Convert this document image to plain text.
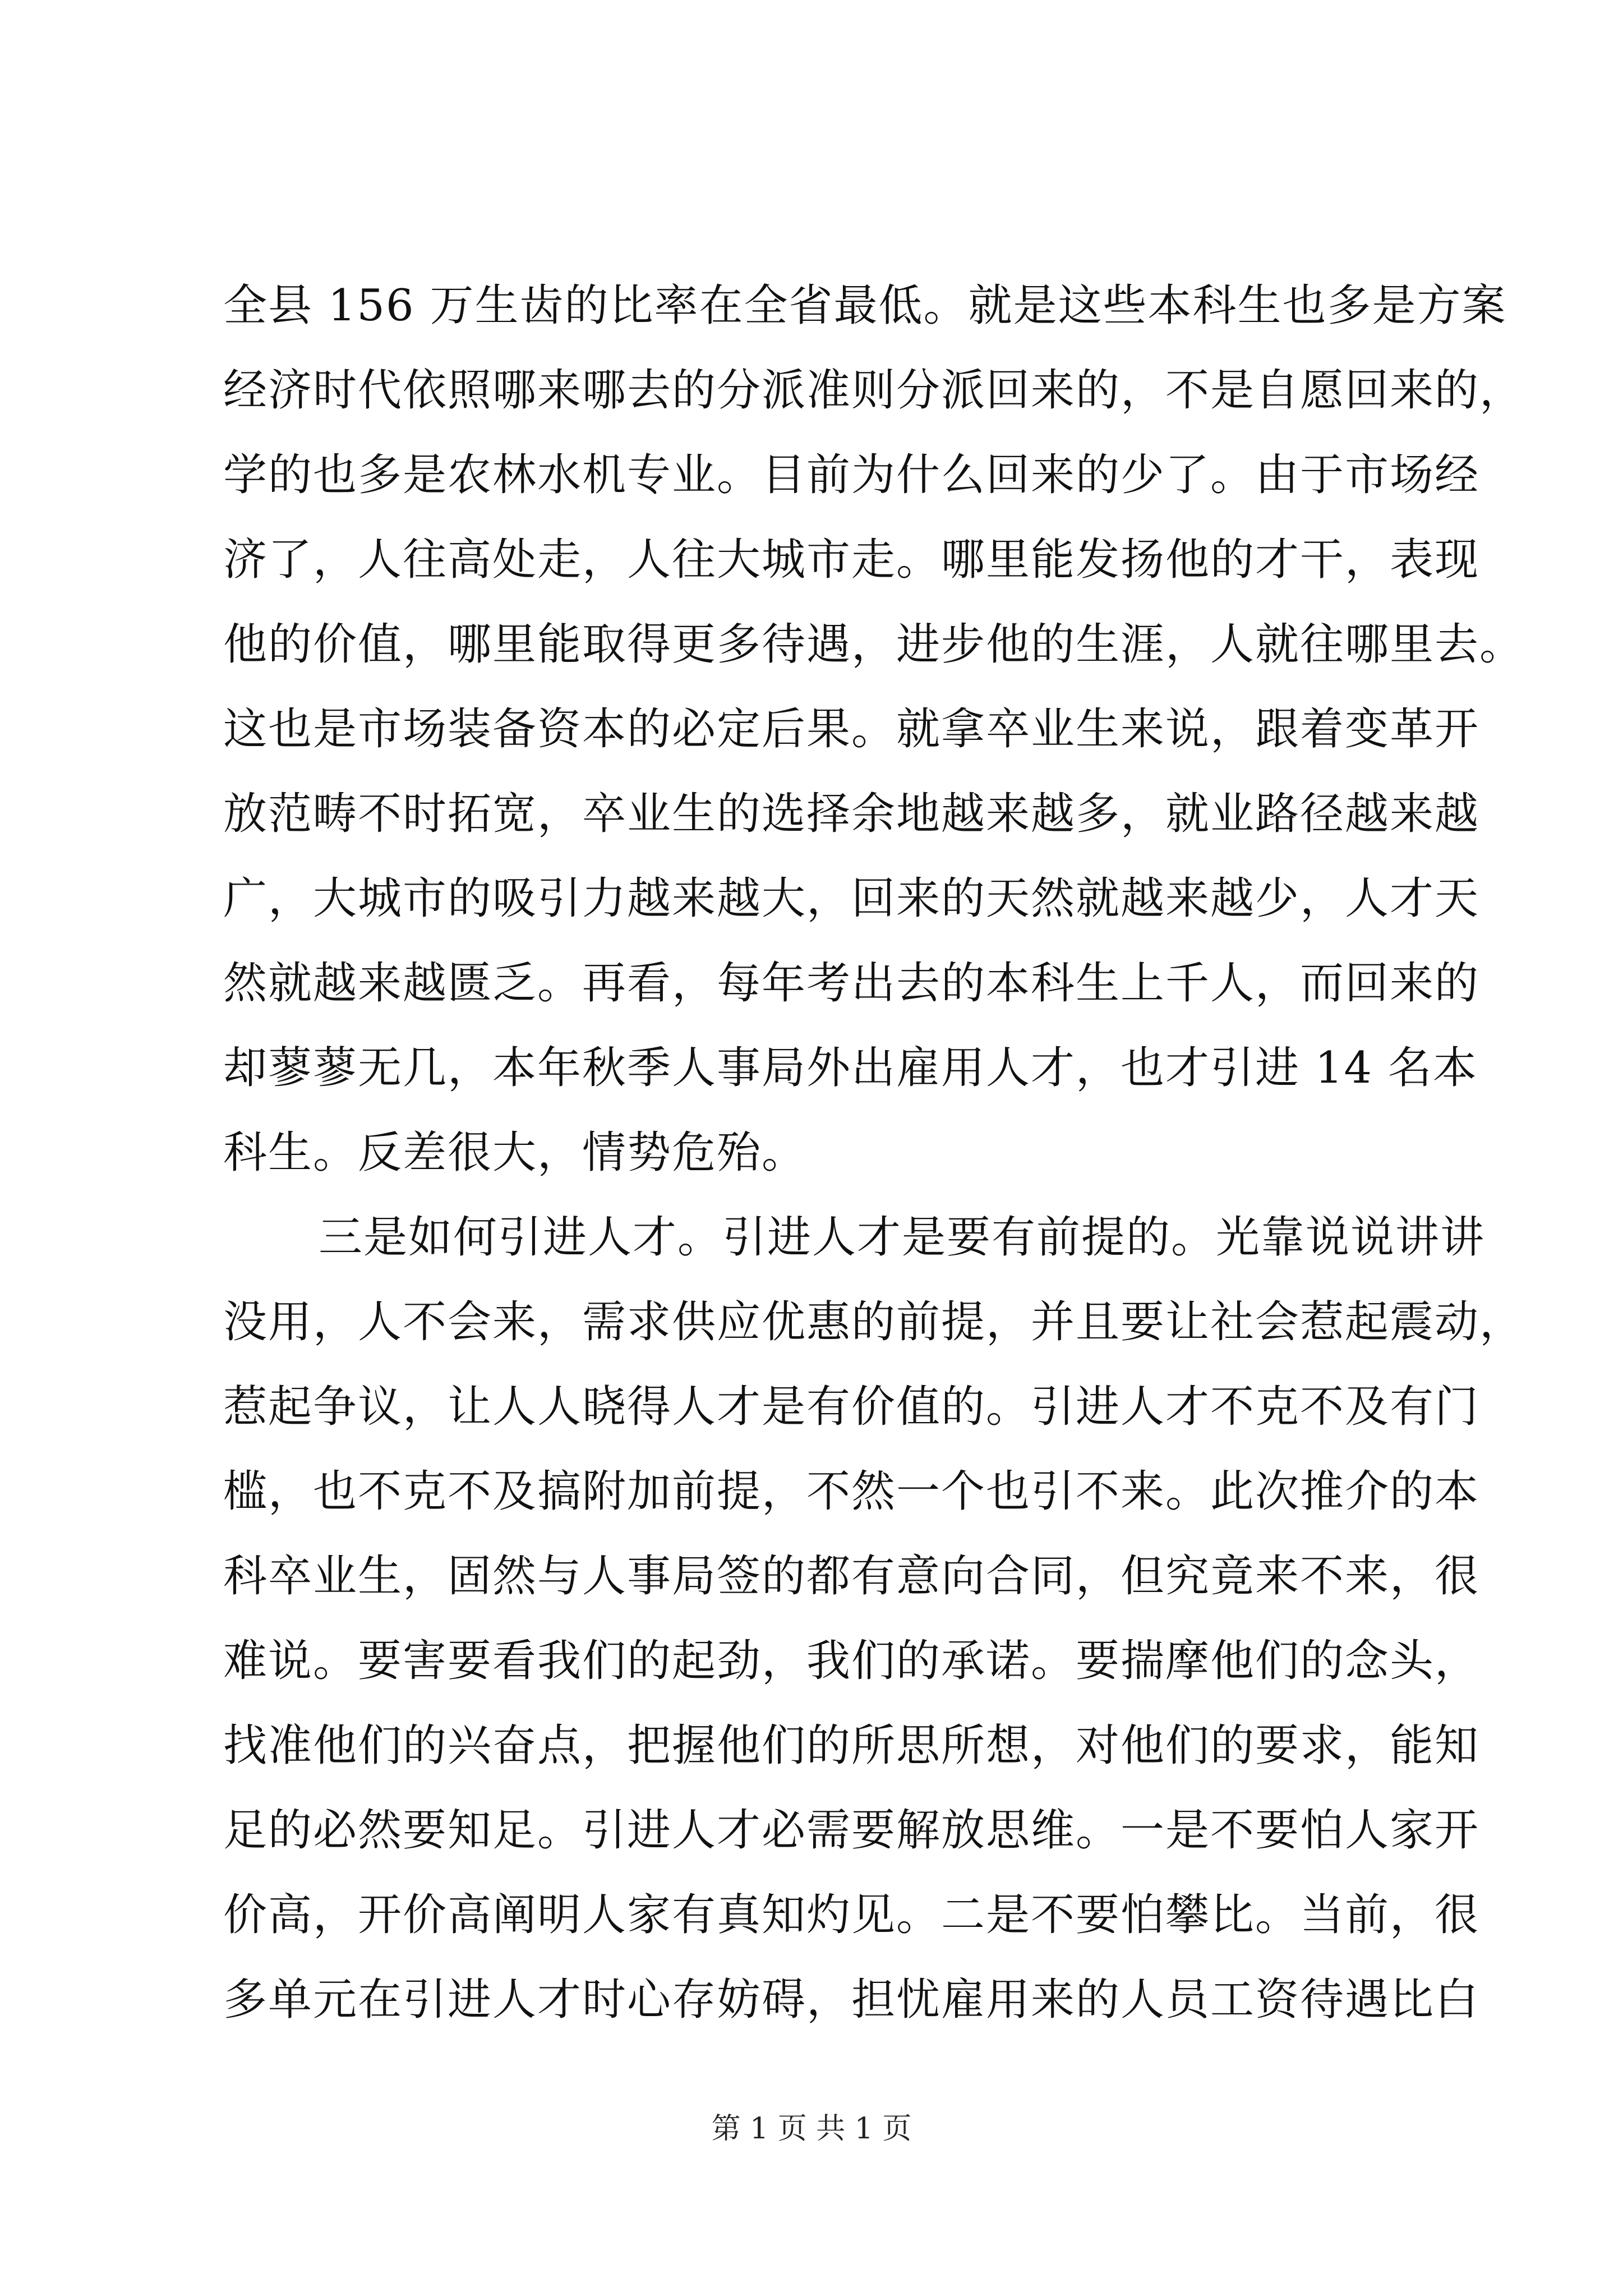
全县 156 万生齿的比率在全省最低。就是这些本科生也多是方案
经济时代依照哪来哪去的分派准则分派回来的，不是自愿回来的，
学的也多是农林水机专业。目前为什么回来的少了。由于市场经
济了，人往高处走，人往大城市走。哪里能发扬他的才干，表现
他的价值，哪里能取得更多待遇，进步他的生涯，人就往哪里去。
这也是市场装备资本的必定后果。就拿卒业生来说，跟着变革开
放范畴不时拓宽，卒业生的选择余地越来越多，就业路径越来越
广，大城市的吸引力越来越大，回来的天然就越来越少，人才天
然就越来越匮乏。再看，每年考出去的本科生上千人，而回来的
却蓼蓼无几，本年秋季人事局外出雇用人才，也才引进 14 名本
科生。反差很大，情势危殆。
三是如何引进人才。引进人才是要有前提的。光靠说说讲讲
没用，人不会来，需求供应优惠的前提，并且要让社会惹起震动，
惹起争议，让人人晓得人才是有价值的。引进人才不克不及有门
槛，也不克不及搞附加前提，不然一个也引不来。此次推介的本
科卒业生，固然与人事局签的都有意向合同，但究竟来不来，很
难说。要害要看我们的起劲，我们的承诺。要揣摩他们的念头，
找准他们的兴奋点，把握他们的所思所想，对他们的要求，能知
足的必然要知足。引进人才必需要解放思维。一是不要怕人家开
价高，开价高阐明人家有真知灼见。二是不要怕攀比。当前，很
多单元在引进人才时心存妨碍，担忧雇用来的人员工资待遇比白
第 1 页 共 1 页
